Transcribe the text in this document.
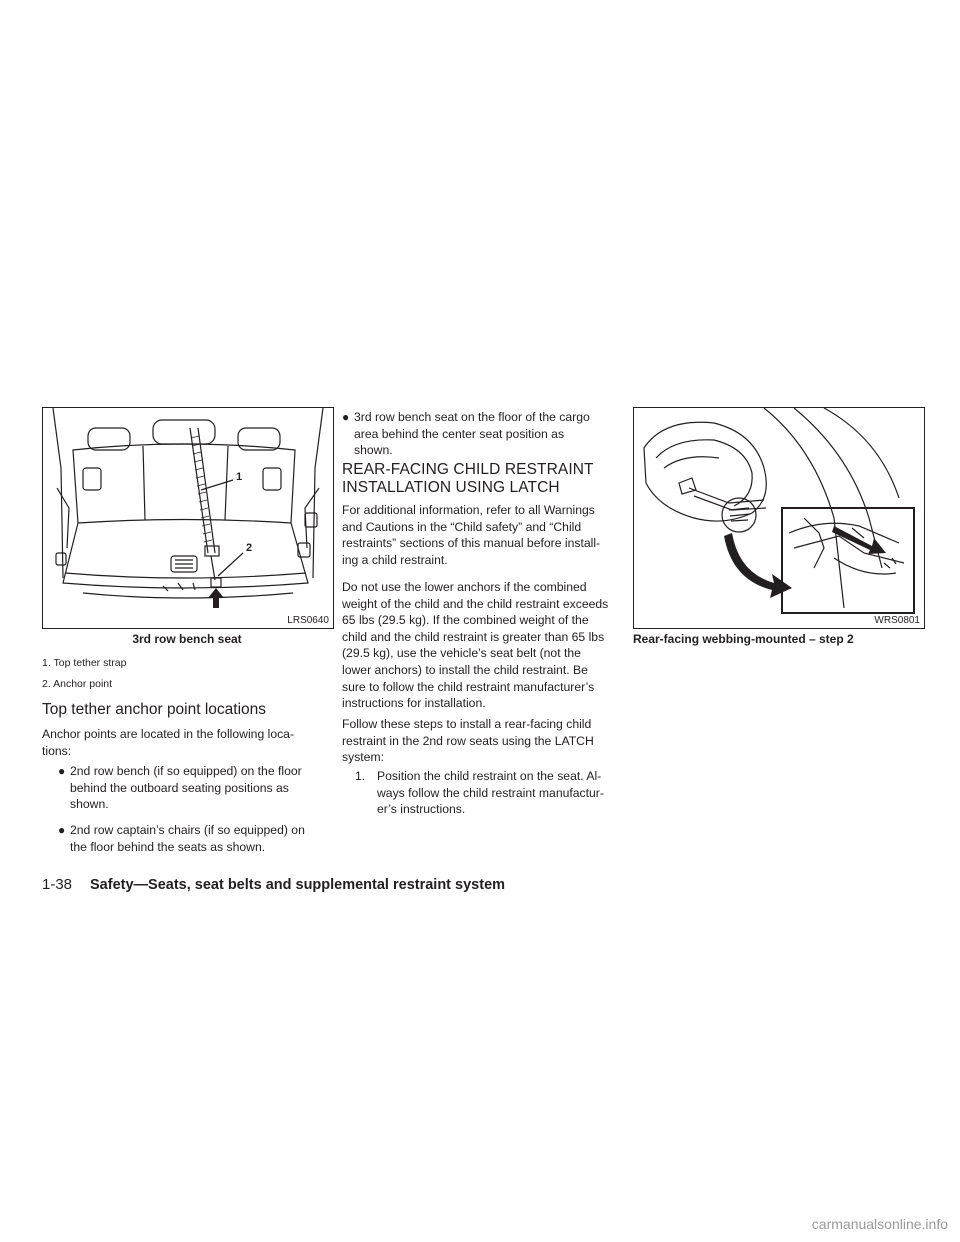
1
2
LRS0640
3rd row bench seat
1. Top tether strap
2. Anchor point
Top tether anchor point locations
Anchor points are located in the following loca-
tions:
● 2nd row bench (if so equipped) on the floor
behind the outboard seating positions as
shown.
● 2nd row captain’s chairs (if so equipped) on
the floor behind the seats as shown.
● 3rd row bench seat on the floor of the cargo
area behind the center seat position as
shown.
REAR-FACING CHILD RESTRAINT
INSTALLATION USING LATCH
For additional information, refer to all Warnings
and Cautions in the “Child safety” and “Child
restraints” sections of this manual before install-
ing a child restraint.
Do not use the lower anchors if the combined
weight of the child and the child restraint exceeds
65 lbs (29.5 kg). If the combined weight of the
child and the child restraint is greater than 65 lbs
(29.5 kg), use the vehicle’s seat belt (not the
lower anchors) to install the child restraint. Be
sure to follow the child restraint manufacturer’s
instructions for installation.
Follow these steps to install a rear-facing child
restraint in the 2nd row seats using the LATCH
system:
1. Position the child restraint on the seat. Al-
ways follow the child restraint manufactur-
er’s instructions.
WRS0801
Rear-facing webbing-mounted – step 2
1-38 Safety—Seats, seat belts and supplemental restraint system
carmanualsonline.info
